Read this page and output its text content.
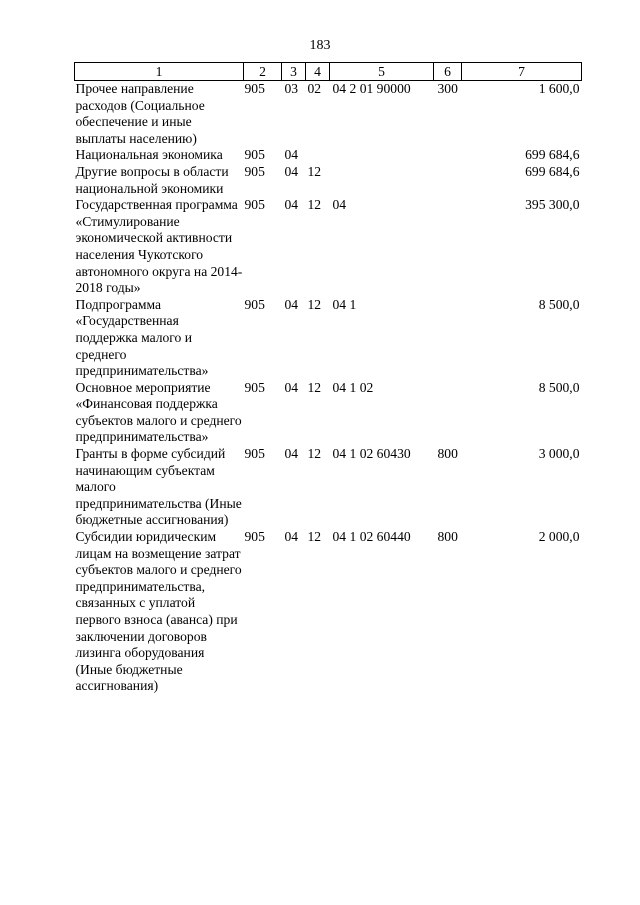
183
1	2	3	4	5	6	7
Прочее направление расходов (Социальное обеспечение и иные выплаты населению)	905	03	02	04 2 01 90000	300	1 600,0
Национальная экономика	905	04				699 684,6
Другие вопросы в области национальной экономики	905	04	12			699 684,6
Государственная программа «Стимулирование экономической активности населения Чукотского автономного округа на 2014-2018 годы»	905	04	12	04		395 300,0
Подпрограмма «Государственная поддержка малого и среднего предпринимательства»	905	04	12	04 1		8 500,0
Основное мероприятие «Финансовая поддержка субъектов малого и среднего предпринимательства»	905	04	12	04 1 02		8 500,0
Гранты в форме субсидий начинающим субъектам малого предпринимательства (Иные бюджетные ассигнования)	905	04	12	04 1 02 60430	800	3 000,0
Субсидии юридическим лицам на возмещение затрат субъектов малого и среднего предпринимательства, связанных с уплатой первого взноса (аванса) при заключении договоров лизинга оборудования (Иные бюджетные ассигнования)	905	04	12	04 1 02 60440	800	2 000,0
